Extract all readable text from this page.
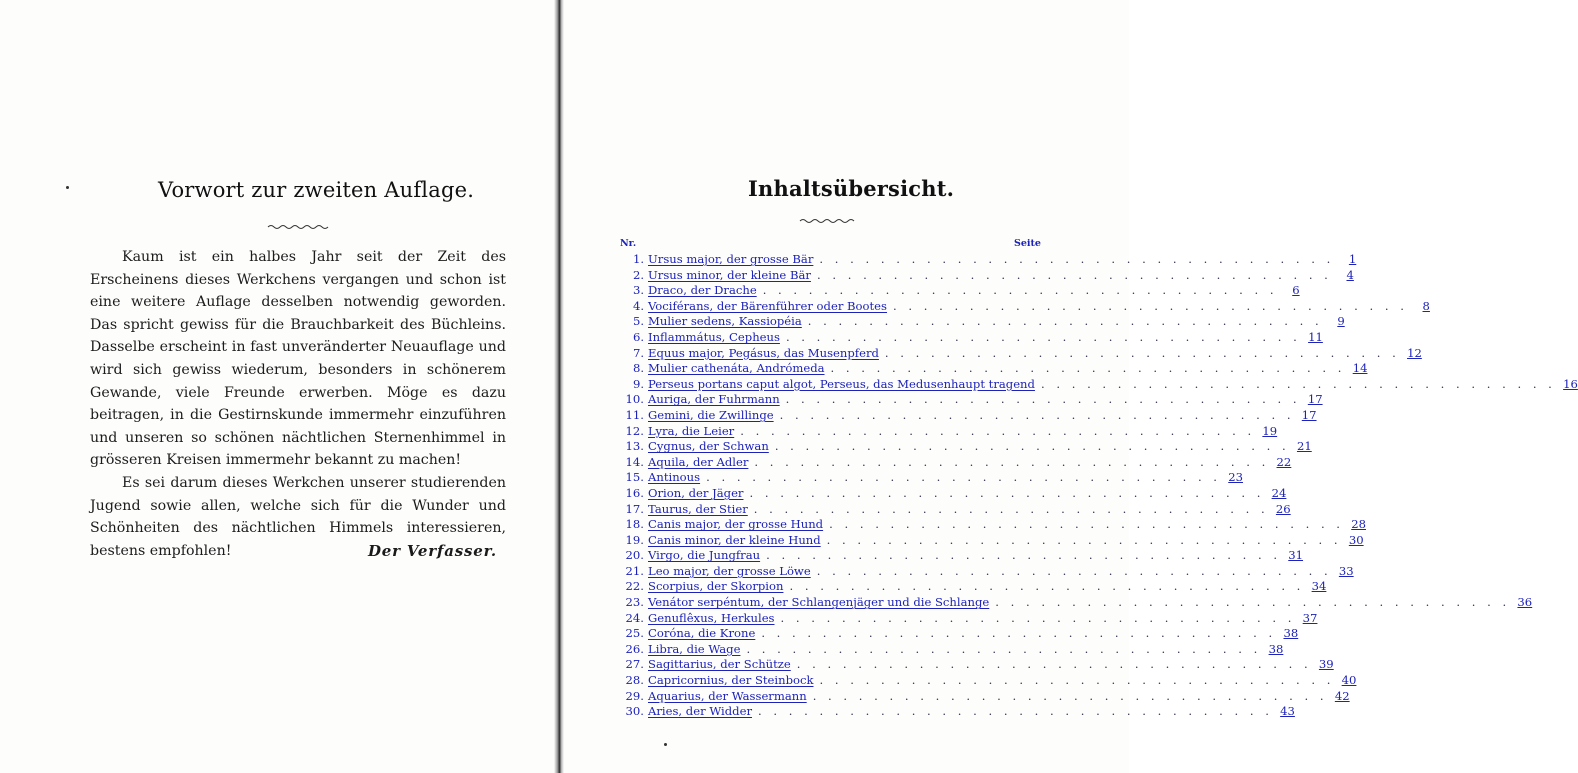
Vorwort zur zweiten Auflage.

Kaum ist ein halbes Jahr seit der Zeit des Erscheinens dieses Werkchens vergangen und schon ist eine weitere Auflage desselben notwendig geworden. Das spricht gewiss für die Brauchbarkeit des Büchleins. Dasselbe erscheint in fast unveränderter Neuauflage und wird sich gewiss wiederum, besonders in schönerem Gewande, viele Freunde erwerben. Möge es dazu beitragen, in die Gestirnskunde immermehr einzuführen und unseren so schönen nächtlichen Sternenhimmel in grösseren Kreisen immermehr bekannt zu machen!

Es sei darum dieses Werkchen unserer studierenden Jugend sowie allen, welche sich für die Wunder und Schönheiten des nächtlichen Himmels interessieren, bestens empfohlen!	Der Verfasser.
Inhaltsübersicht.
Nr.	Seite
1. Ursus major, der grosse Bär . . . . . . . . . . . . . . . . . . . . . . . . . . . . . . . . . .	1
2. Ursus minor, der kleine Bär . . . . . . . . . . . . . . . . . . . . . . . . . . . . . . . . . .	4
3. Draco, der Drache . . . . . . . . . . . . . . . . . . . . . . . . . . . . . . . . . .	6
4. Vociférans, der Bärenführer oder Bootes . . . . . . . . . . . . . . . . . . . . . . . . . . . . . . . . . .	8
5. Mulier sedens, Kassiopéia . . . . . . . . . . . . . . . . . . . . . . . . . . . . . . . . . .	9
6. Inflammátus, Cepheus . . . . . . . . . . . . . . . . . . . . . . . . . . . . . . . . . . 11
7. Equus major, Pegásus, das Musenpferd . . . . . . . . . . . . . . . . . . . . . . . . . . . . . . . . . . 12
8. Mulier cathenáta, Andrómeda . . . . . . . . . . . . . . . . . . . . . . . . . . . . . . . . . . 14
9. Perseus portans caput algot, Perseus, das Medusenhaupt tragend . . . . . . . . . . . . . . . . . . . . . . . . . . . . . . . . . . 16
10. Auriga, der Fuhrmann . . . . . . . . . . . . . . . . . . . . . . . . . . . . . . . . . . 17
11. Gemini, die Zwillinge . . . . . . . . . . . . . . . . . . . . . . . . . . . . . . . . . . 17
12. Lyra, die Leier . . . . . . . . . . . . . . . . . . . . . . . . . . . . . . . . . . 19
13. Cygnus, der Schwan . . . . . . . . . . . . . . . . . . . . . . . . . . . . . . . . . . 21
14. Aquila, der Adler . . . . . . . . . . . . . . . . . . . . . . . . . . . . . . . . . . 22
15. Antinous . . . . . . . . . . . . . . . . . . . . . . . . . . . . . . . . . . 23
16. Orion, der Jäger . . . . . . . . . . . . . . . . . . . . . . . . . . . . . . . . . . 24
17. Taurus, der Stier . . . . . . . . . . . . . . . . . . . . . . . . . . . . . . . . . . 26
18. Canis major, der grosse Hund . . . . . . . . . . . . . . . . . . . . . . . . . . . . . . . . . . 28
19. Canis minor, der kleine Hund . . . . . . . . . . . . . . . . . . . . . . . . . . . . . . . . . . 30
20. Virgo, die Jungfrau . . . . . . . . . . . . . . . . . . . . . . . . . . . . . . . . . . 31
21. Leo major, der grosse Löwe . . . . . . . . . . . . . . . . . . . . . . . . . . . . . . . . . . 33
22. Scorpius, der Skorpion . . . . . . . . . . . . . . . . . . . . . . . . . . . . . . . . . . 34
23. Venátor serpéntum, der Schlangenjäger und die Schlange . . . . . . . . . . . . . . . . . . . . . . . . . . . . . . . . . . 36
24. Genuflêxus, Herkules . . . . . . . . . . . . . . . . . . . . . . . . . . . . . . . . . . 37
25. Coróna, die Krone . . . . . . . . . . . . . . . . . . . . . . . . . . . . . . . . . . 38
26. Libra, die Wage . . . . . . . . . . . . . . . . . . . . . . . . . . . . . . . . . . 38
27. Sagittarius, der Schütze . . . . . . . . . . . . . . . . . . . . . . . . . . . . . . . . . . 39
28. Capricornius, der Steinbock . . . . . . . . . . . . . . . . . . . . . . . . . . . . . . . . . . 40
29. Aquarius, der Wassermann . . . . . . . . . . . . . . . . . . . . . . . . . . . . . . . . . . 42
30. Aries, der Widder . . . . . . . . . . . . . . . . . . . . . . . . . . . . . . . . . . 43
